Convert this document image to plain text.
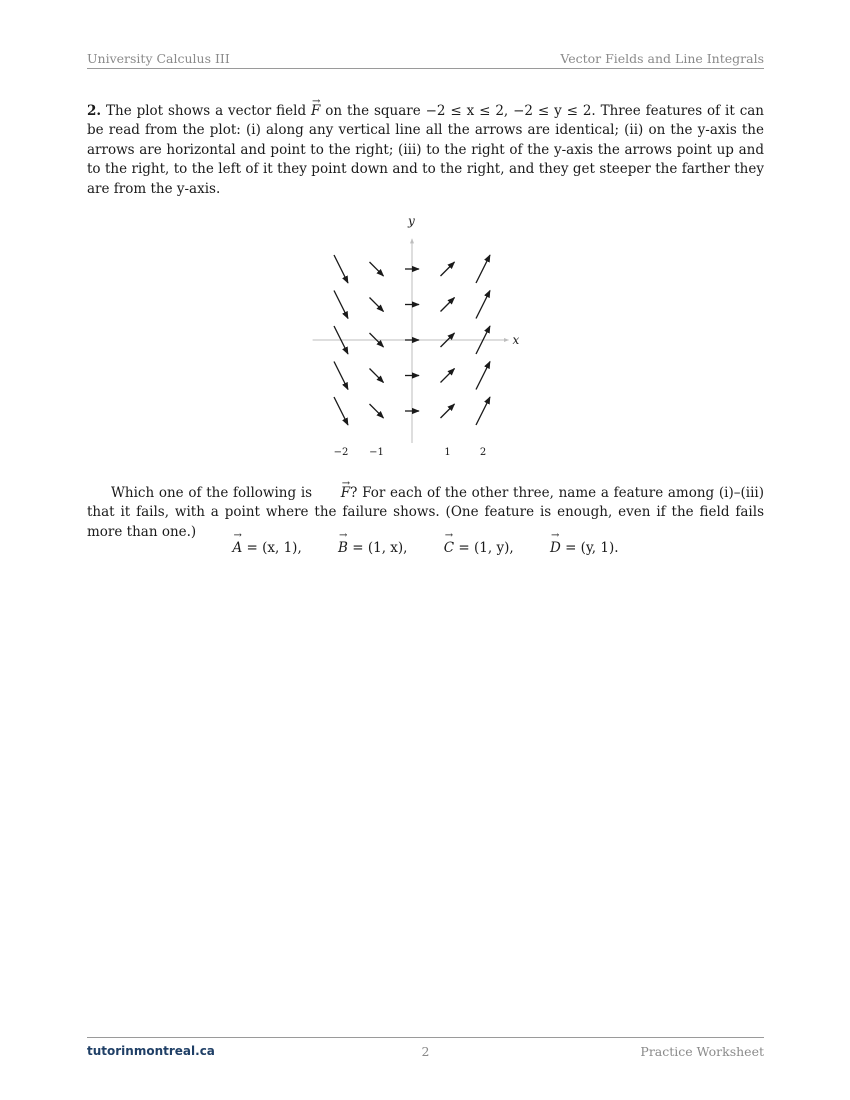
University Calculus III	Vector Fields and Line Integrals
2. The plot shows a vector field → F on the square −2 ≤ x ≤ 2, −2 ≤ y ≤ 2. Three features of it can be read from the plot: (i) along any vertical line all the arrows are identical; (ii) on the y-axis the arrows are horizontal and point to the right; (iii) to the right of the y-axis the arrows point up and to the right, to the left of it they point down and to the right, and they get steeper the farther they are from the y-axis.
x
y
−2 −1	1	2
Which one of the following is → F? For each of the other three, name a feature among (i)–(iii) that it fails, with a point where the failure shows. (One feature is enough, even if the field fails more than one.)
→ A = (x, 1),	→ B = (1, x),	→ C = (1, y),	→ D = (y, 1).
tutorinmontreal.ca	2	Practice Worksheet
